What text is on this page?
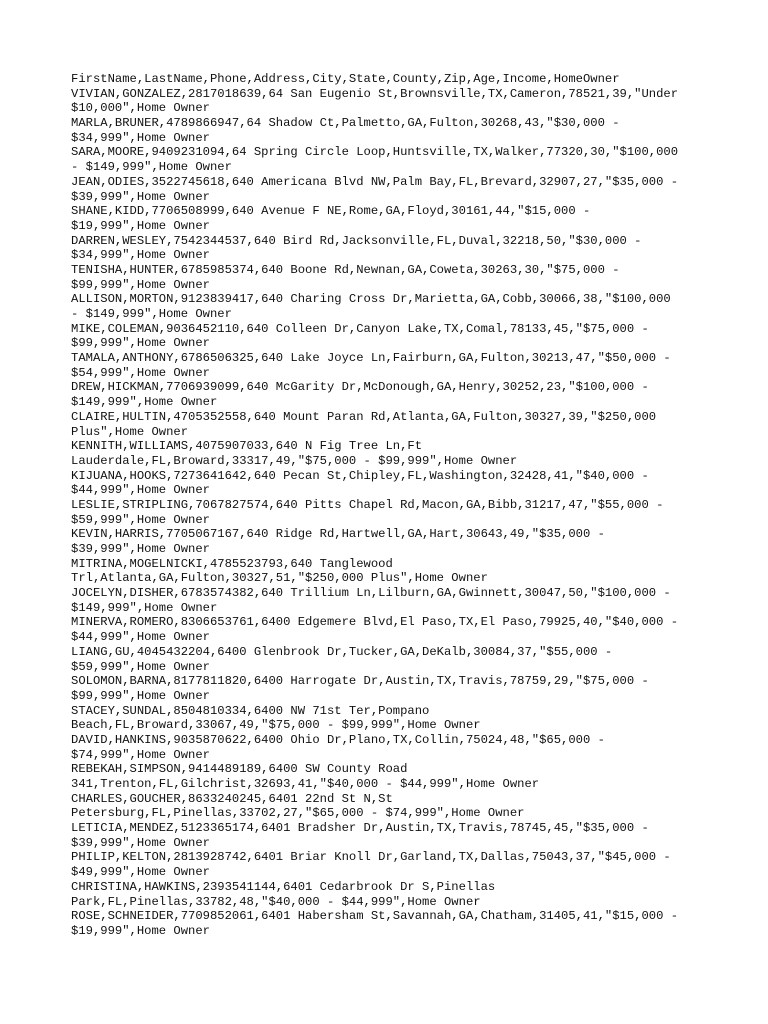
FirstName,LastName,Phone,Address,City,State,County,Zip,Age,Income,HomeOwner
VIVIAN,GONZALEZ,2817018639,64 San Eugenio St,Brownsville,TX,Cameron,78521,39,"Under
$10,000",Home Owner
MARLA,BRUNER,4789866947,64 Shadow Ct,Palmetto,GA,Fulton,30268,43,"$30,000 -
$34,999",Home Owner
SARA,MOORE,9409231094,64 Spring Circle Loop,Huntsville,TX,Walker,77320,30,"$100,000
- $149,999",Home Owner
JEAN,ODIES,3522745618,640 Americana Blvd NW,Palm Bay,FL,Brevard,32907,27,"$35,000 -
$39,999",Home Owner
SHANE,KIDD,7706508999,640 Avenue F NE,Rome,GA,Floyd,30161,44,"$15,000 -
$19,999",Home Owner
DARREN,WESLEY,7542344537,640 Bird Rd,Jacksonville,FL,Duval,32218,50,"$30,000 -
$34,999",Home Owner
TENISHA,HUNTER,6785985374,640 Boone Rd,Newnan,GA,Coweta,30263,30,"$75,000 -
$99,999",Home Owner
ALLISON,MORTON,9123839417,640 Charing Cross Dr,Marietta,GA,Cobb,30066,38,"$100,000
- $149,999",Home Owner
MIKE,COLEMAN,9036452110,640 Colleen Dr,Canyon Lake,TX,Comal,78133,45,"$75,000 -
$99,999",Home Owner
TAMALA,ANTHONY,6786506325,640 Lake Joyce Ln,Fairburn,GA,Fulton,30213,47,"$50,000 -
$54,999",Home Owner
DREW,HICKMAN,7706939099,640 McGarity Dr,McDonough,GA,Henry,30252,23,"$100,000 -
$149,999",Home Owner
CLAIRE,HULTIN,4705352558,640 Mount Paran Rd,Atlanta,GA,Fulton,30327,39,"$250,000
Plus",Home Owner
KENNITH,WILLIAMS,4075907033,640 N Fig Tree Ln,Ft
Lauderdale,FL,Broward,33317,49,"$75,000 - $99,999",Home Owner
KIJUANA,HOOKS,7273641642,640 Pecan St,Chipley,FL,Washington,32428,41,"$40,000 -
$44,999",Home Owner
LESLIE,STRIPLING,7067827574,640 Pitts Chapel Rd,Macon,GA,Bibb,31217,47,"$55,000 -
$59,999",Home Owner
KEVIN,HARRIS,7705067167,640 Ridge Rd,Hartwell,GA,Hart,30643,49,"$35,000 -
$39,999",Home Owner
MITRINA,MOGELNICKI,4785523793,640 Tanglewood
Trl,Atlanta,GA,Fulton,30327,51,"$250,000 Plus",Home Owner
JOCELYN,DISHER,6783574382,640 Trillium Ln,Lilburn,GA,Gwinnett,30047,50,"$100,000 -
$149,999",Home Owner
MINERVA,ROMERO,8306653761,6400 Edgemere Blvd,El Paso,TX,El Paso,79925,40,"$40,000 -
$44,999",Home Owner
LIANG,GU,4045432204,6400 Glenbrook Dr,Tucker,GA,DeKalb,30084,37,"$55,000 -
$59,999",Home Owner
SOLOMON,BARNA,8177811820,6400 Harrogate Dr,Austin,TX,Travis,78759,29,"$75,000 -
$99,999",Home Owner
STACEY,SUNDAL,8504810334,6400 NW 71st Ter,Pompano
Beach,FL,Broward,33067,49,"$75,000 - $99,999",Home Owner
DAVID,HANKINS,9035870622,6400 Ohio Dr,Plano,TX,Collin,75024,48,"$65,000 -
$74,999",Home Owner
REBEKAH,SIMPSON,9414489189,6400 SW County Road
341,Trenton,FL,Gilchrist,32693,41,"$40,000 - $44,999",Home Owner
CHARLES,GOUCHER,8633240245,6401 22nd St N,St
Petersburg,FL,Pinellas,33702,27,"$65,000 - $74,999",Home Owner
LETICIA,MENDEZ,5123365174,6401 Bradsher Dr,Austin,TX,Travis,78745,45,"$35,000 -
$39,999",Home Owner
PHILIP,KELTON,2813928742,6401 Briar Knoll Dr,Garland,TX,Dallas,75043,37,"$45,000 -
$49,999",Home Owner
CHRISTINA,HAWKINS,2393541144,6401 Cedarbrook Dr S,Pinellas
Park,FL,Pinellas,33782,48,"$40,000 - $44,999",Home Owner
ROSE,SCHNEIDER,7709852061,6401 Habersham St,Savannah,GA,Chatham,31405,41,"$15,000 -
$19,999",Home Owner
